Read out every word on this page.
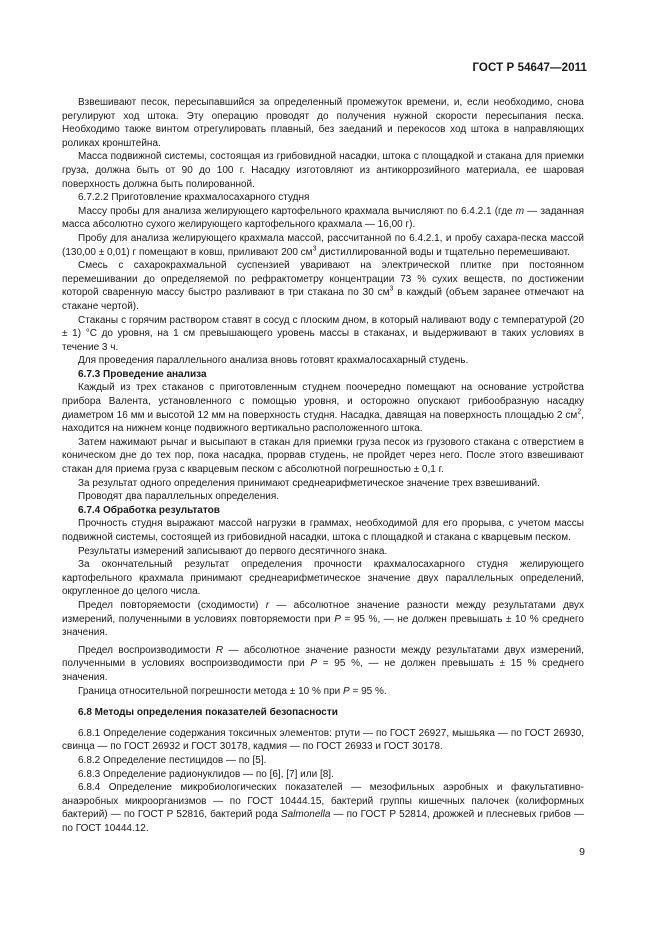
ГОСТ Р 54647—2011

Взвешивают песок, пересыпавшийся за определенный промежуток времени, и, если необходимо, снова регулируют ход штока. Эту операцию проводят до получения нужной скорости пересыпания песка. Необходимо также винтом отрегулировать плавный, без заеданий и перекосов ход штока в направляющих роликах кронштейна.

Масса подвижной системы, состоящая из грибовидной насадки, штока с площадкой и стакана для приемки груза, должна быть от 90 до 100 г. Насадку изготовляют из антикоррозийного материала, ее шаровая поверхность должна быть полированной.

6.7.2.2 Приготовление крахмалосахарного студня

Массу пробы для анализа желирующего картофельного крахмала вычисляют по 6.4.2.1 (где m — заданная масса абсолютно сухого желирующего картофельного крахмала — 16,00 г).

Пробу для анализа желирующего крахмала массой, рассчитанной по 6.4.2.1, и пробу сахара-песка массой (130,00 ± 0,01) г помещают в ковш, приливают 200 $см^3$ дистиллированной воды и тщательно перемешивают.

Смесь с сахарокрахмальной суспензией уваривают на электрической плитке при постоянном перемешивании до определяемой по рефрактометру концентрации 73 % сухих веществ, по достижении которой сваренную массу быстро разливают в три стакана по 30 $см^3$ в каждый (объем заранее отмечают на стакане чертой).

Стаканы с горячим раствором ставят в сосуд с плоским дном, в который наливают воду с температурой (20 ± 1) °С до уровня, на 1 см превышающего уровень массы в стаканах, и выдерживают в таких условиях в течение 3 ч.

Для проведения параллельного анализа вновь готовят крахмалосахарный студень.

6.7.3 Проведение анализа

Каждый из трех стаканов с приготовленным студнем поочередно помещают на основание устройства прибора Валента, установленного с помощью уровня, и осторожно опускают грибообразную насадку диаметром 16 мм и высотой 12 мм на поверхность студня. Насадка, давящая на поверхность площадью 2 $см^2$, находится на нижнем конце подвижного вертикально расположенного штока.

Затем нажимают рычаг и высыпают в стакан для приемки груза песок из грузового стакана с отверстием в коническом дне до тех пор, пока насадка, прорвав студень, не пройдет через него. После этого взвешивают стакан для приема груза с кварцевым песком с абсолютной погрешностью ± 0,1 г.

За результат одного определения принимают среднеарифметическое значение трех взвешиваний.

Проводят два параллельных определения.

6.7.4 Обработка результатов

Прочность студня выражают массой нагрузки в граммах, необходимой для его прорыва, с учетом массы подвижной системы, состоящей из грибовидной насадки, штока с площадкой и стакана с кварцевым песком.

Результаты измерений записывают до первого десятичного знака.

За окончательный результат определения прочности крахмалосахарного студня желирующего картофельного крахмала принимают среднеарифметическое значение двух параллельных определений, округленное до целого числа.

Предел повторяемости (сходимости) r — абсолютное значение разности между результатами двух измерений, полученными в условиях повторяемости при P = 95 %, — не должен превышать ± 10 % среднего значения.

Предел воспроизводимости R — абсолютное значение разности между результатами двух измерений, полученными в условиях воспроизводимости при P = 95 %, — не должен превышать ± 15 % среднего значения.

Граница относительной погрешности метода ± 10 % при P = 95 %.

6.8 Методы определения показателей безопасности

6.8.1 Определение содержания токсичных элементов: ртути — по ГОСТ 26927, мышьяка — по ГОСТ 26930, свинца — по ГОСТ 26932 и ГОСТ 30178, кадмия — по ГОСТ 26933 и ГОСТ 30178.

6.8.2 Определение пестицидов — по [5].

6.8.3 Определение радионуклидов — по [6], [7] или [8].

6.8.4 Определение микробиологических показателей — мезофильных аэробных и факультативно-анаэробных микроорганизмов — по ГОСТ 10444.15, бактерий группы кишечных палочек (колиформных бактерий) — по ГОСТ Р 52816, бактерий рода Salmonella — по ГОСТ Р 52814, дрожжей и плесневых грибов — по ГОСТ 10444.12.

9
